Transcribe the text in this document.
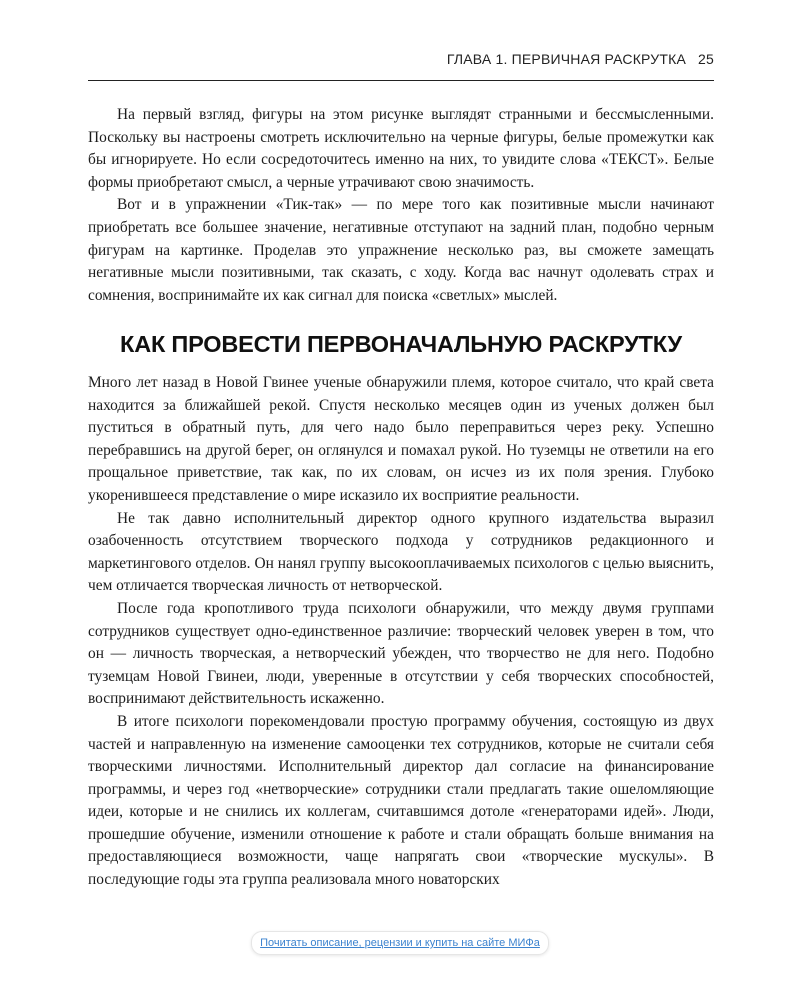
ГЛАВА 1. ПЕРВИЧНАЯ РАСКРУТКА 25

На первый взгляд, фигуры на этом рисунке выглядят странными и бессмысленными. Поскольку вы настроены смотреть исключительно на черные фигуры, белые промежутки как бы игнорируете. Но если сосредоточитесь именно на них, то увидите слова «ТЕКСТ». Белые формы приобретают смысл, а черные утрачивают свою значимость.

Вот и в упражнении «Тик-так» — по мере того как позитивные мысли начинают приобретать все большее значение, негативные отступают на задний план, подобно черным фигурам на картинке. Проделав это упражнение несколько раз, вы сможете замещать негативные мысли позитивными, так сказать, с ходу. Когда вас начнут одолевать страх и сомнения, воспринимайте их как сигнал для поиска «светлых» мыслей.

КАК ПРОВЕСТИ ПЕРВОНАЧАЛЬНУЮ РАСКРУТКУ

Много лет назад в Новой Гвинее ученые обнаружили племя, которое считало, что край света находится за ближайшей рекой. Спустя несколько месяцев один из ученых должен был пуститься в обратный путь, для чего надо было переправиться через реку. Успешно перебравшись на другой берег, он оглянулся и помахал рукой. Но туземцы не ответили на его прощальное приветствие, так как, по их словам, он исчез из их поля зрения. Глубоко укоренившееся представление о мире исказило их восприятие реальности.

Не так давно исполнительный директор одного крупного издательства выразил озабоченность отсутствием творческого подхода у сотрудников редакционного и маркетингового отделов. Он нанял группу высокооплачиваемых психологов с целью выяснить, чем отличается творческая личность от нетворческой.

После года кропотливого труда психологи обнаружили, что между двумя группами сотрудников существует одно-единственное различие: творческий человек уверен в том, что он — личность творческая, а нетворческий убежден, что творчество не для него. Подобно туземцам Новой Гвинеи, люди, уверенные в отсутствии у себя творческих способностей, воспринимают действительность искаженно.

В итоге психологи порекомендовали простую программу обучения, состоящую из двух частей и направленную на изменение самооценки тех сотрудников, которые не считали себя творческими личностями. Исполнительный директор дал согласие на финансирование программы, и через год «нетворческие» сотрудники стали предлагать такие ошеломляющие идеи, которые и не снились их коллегам, считавшимся дотоле «генераторами идей». Люди, прошедшие обучение, изменили отношение к работе и стали обращать больше внимания на предоставляющиеся возможности, чаще напрягать свои «творческие мускулы». В последующие годы эта группа реализовала много новаторских

Почитать описание, рецензии и купить на сайте МИФа
